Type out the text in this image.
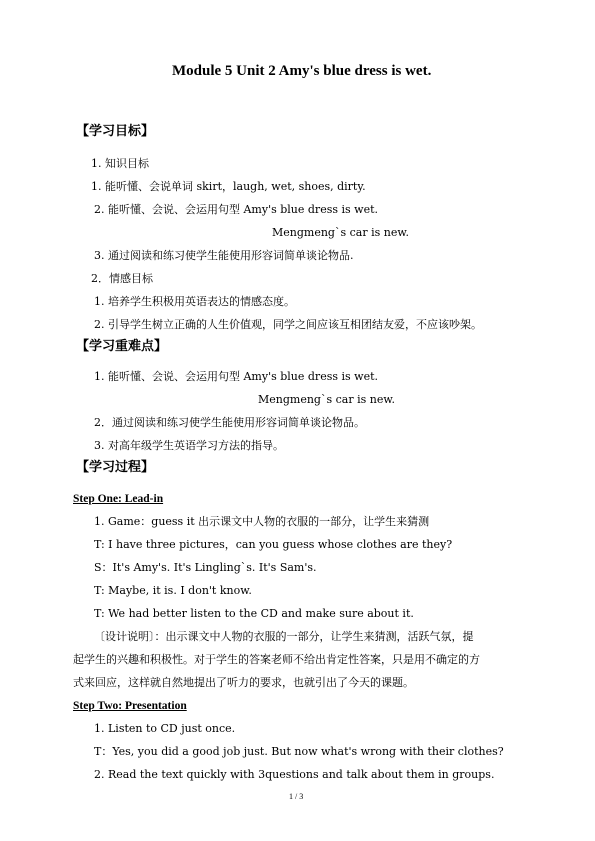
Module 5 Unit 2 Amy's blue dress is wet.
【学习目标】
1. 知识目标
1. 能听懂、会说单词 skirt，laugh, wet, shoes, dirty.
2. 能听懂、会说、会运用句型 Amy's blue dress is wet.
Mengmeng`s car is new.
3. 通过阅读和练习使学生能使用形容词简单谈论物品.
2．情感目标
1. 培养学生积极用英语表达的情感态度。
2. 引导学生树立正确的人生价值观，同学之间应该互相团结友爱，不应该吵架。
【学习重难点】
1. 能听懂、会说、会运用句型 Amy's blue dress is wet.
Mengmeng`s car is new.
2．通过阅读和练习使学生能使用形容词简单谈论物品。
3. 对高年级学生英语学习方法的指导。
【学习过程】
Step One: Lead-in
1. Game：guess it 出示课文中人物的衣服的一部分，让学生来猜测
T: I have three pictures，can you guess whose clothes are they?
S：It's Amy's. It's Lingling`s. It's Sam's.
T: Maybe, it is. I don't know.
T: We had better listen to the CD and make sure about it.
〔设计说明〕：出示课文中人物的衣服的一部分，让学生来猜测，活跃气氛，提
起学生的兴趣和积极性。对于学生的答案老师不给出肯定性答案，只是用不确定的方
式来回应，这样就自然地提出了听力的要求，也就引出了今天的课题。
Step Two: Presentation
1. Listen to CD just once.
T：Yes, you did a good job just. But now what's wrong with their clothes?
2. Read the text quickly with 3questions and talk about them in groups.
1 / 3
